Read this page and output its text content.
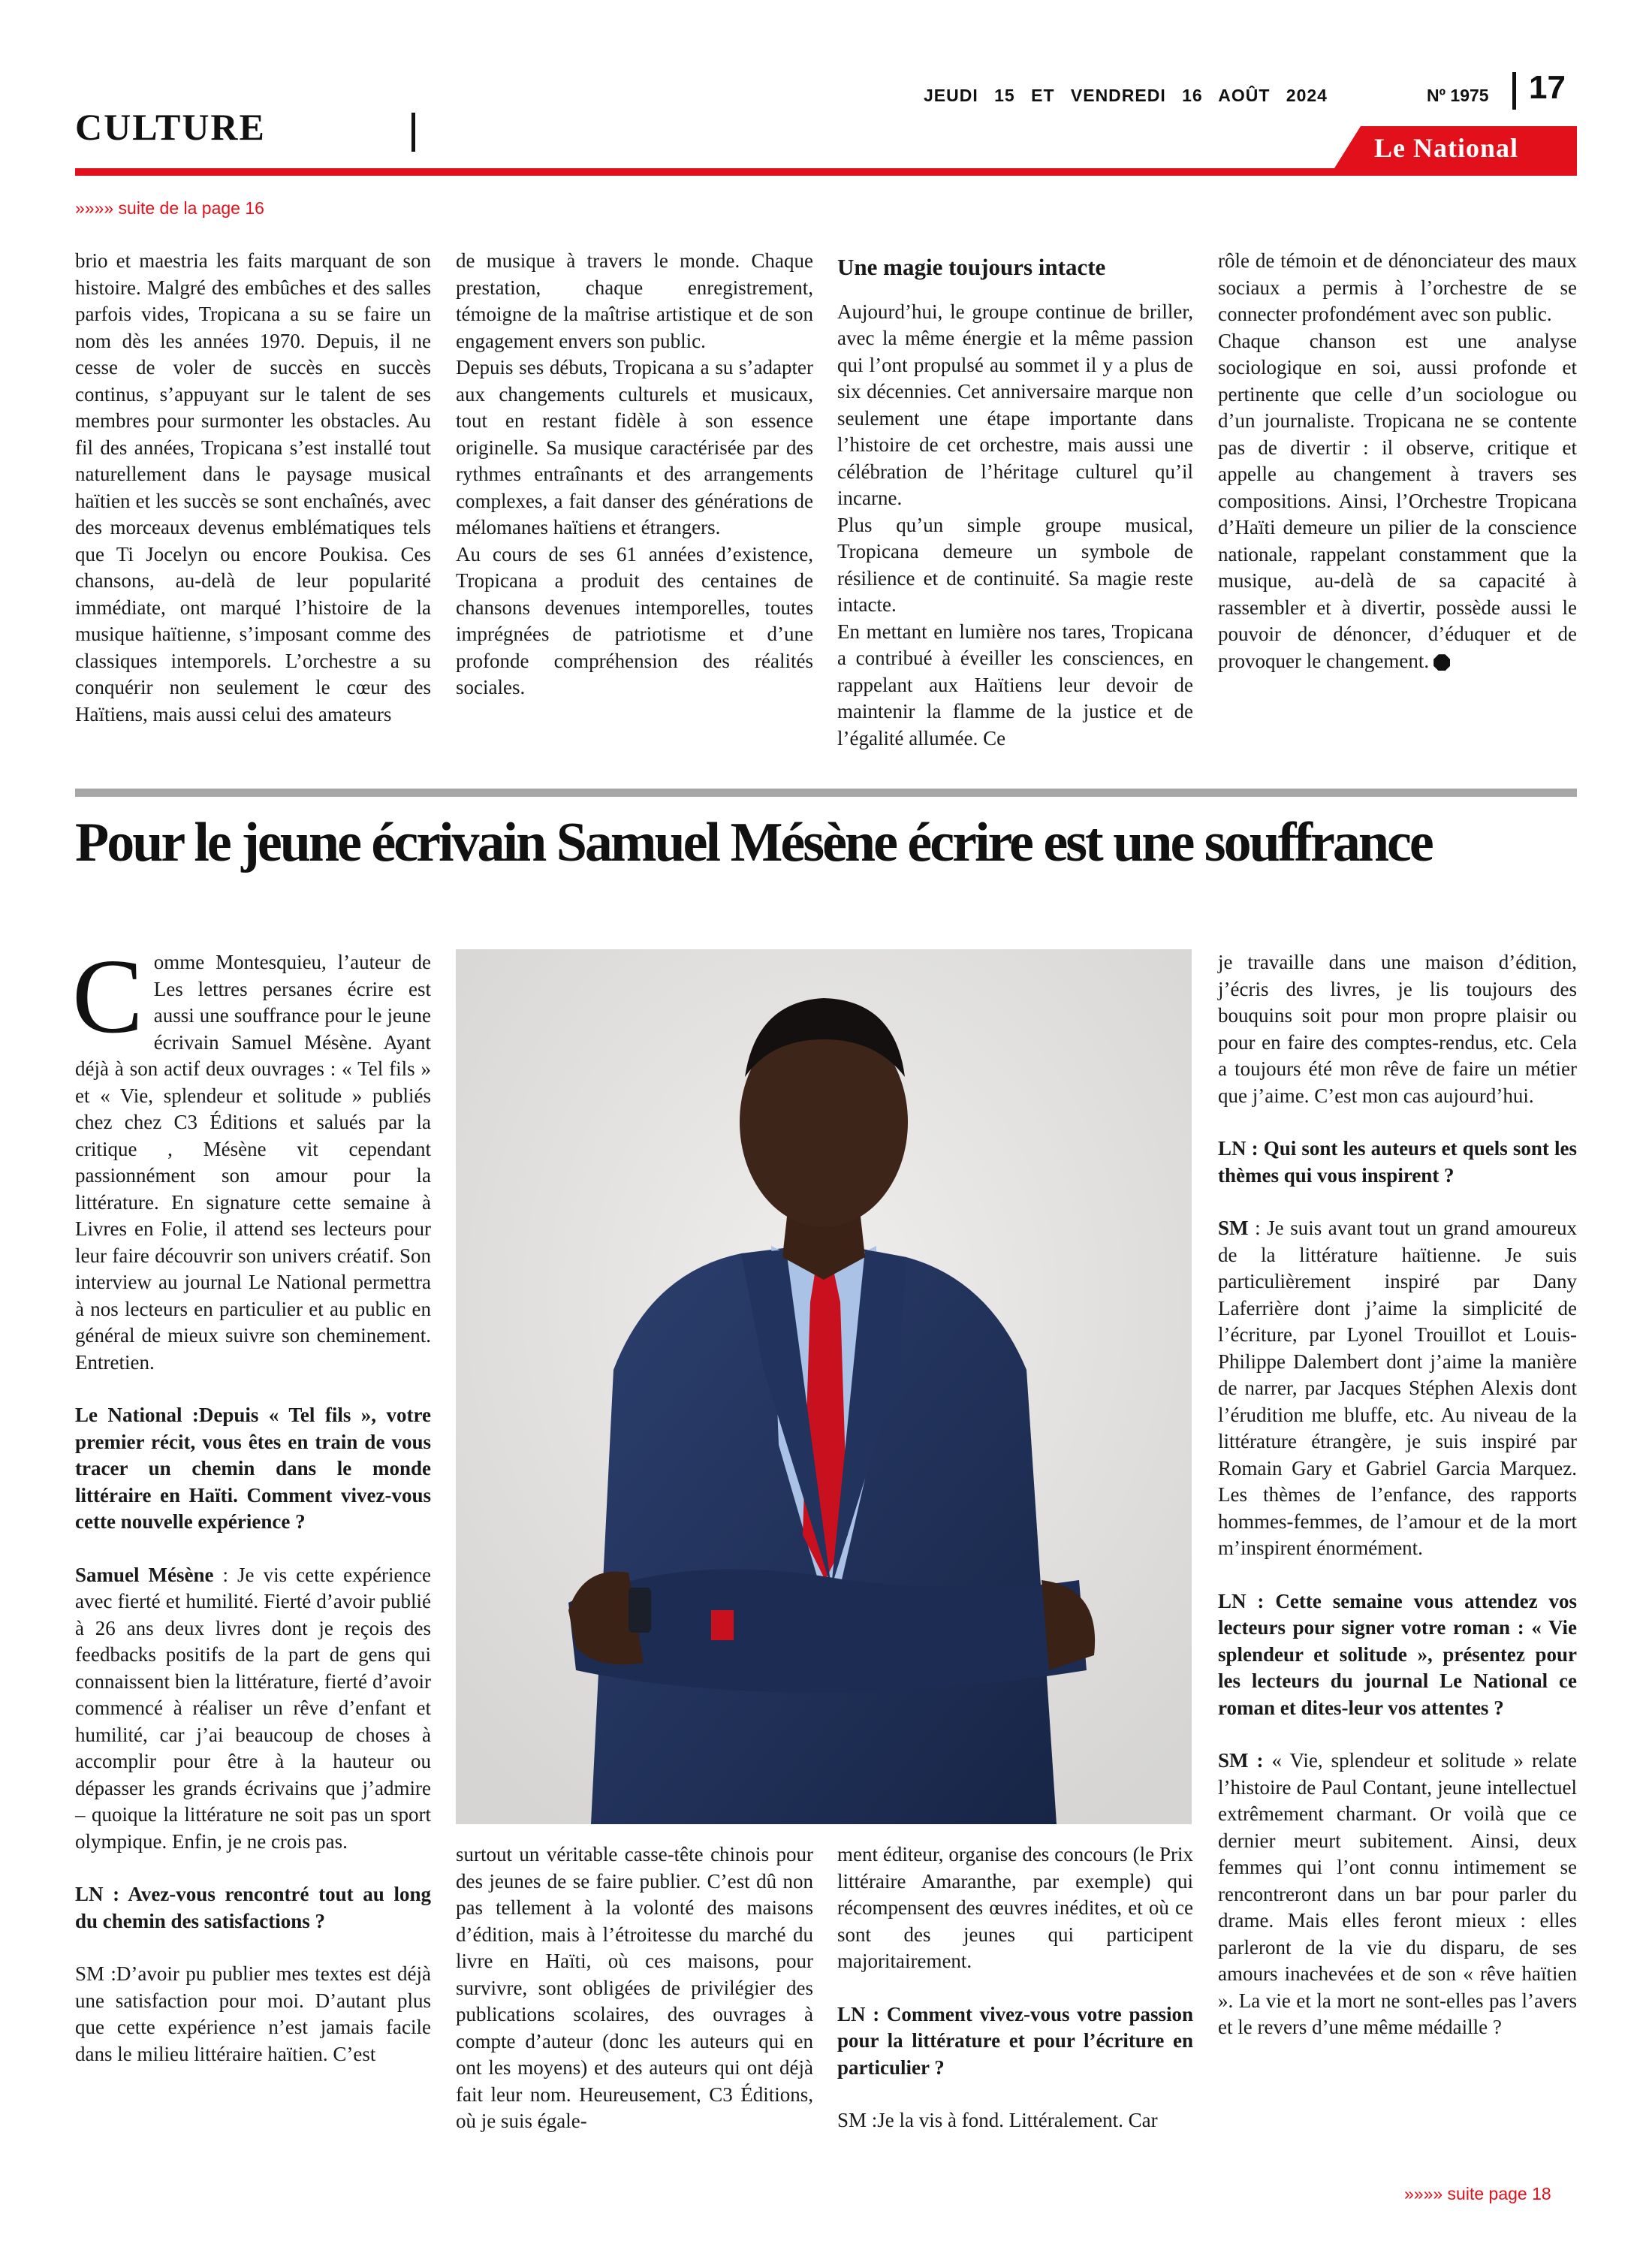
CULTURE
JEUDI 15 ET VENDREDI 16 AOÛT 2024	Nº 1975 17
Le National
»»»» suite de la page 16

brio et maestria les faits marquant de son histoire. Malgré des embûches et des salles parfois vides, Tropicana a su se faire un nom dès les années 1970. Depuis, il ne cesse de voler de succès en succès continus, s’appuyant sur le talent de ses membres pour surmonter les obstacles. Au fil des années, Tropicana s’est installé tout naturellement dans le paysage musical haïtien et les succès se sont enchaînés, avec des morceaux devenus emblématiques tels que Ti Jocelyn ou encore Poukisa. Ces chansons, au-delà de leur popularité immédiate, ont marqué l’histoire de la musique haïtienne, s’imposant comme des classiques intemporels. L’orchestre a su conquérir non seulement le cœur des Haïtiens, mais aussi celui des amateurs

de musique à travers le monde. Chaque prestation, chaque enregistrement, témoigne de la maîtrise artistique et de son engagement envers son public.

Depuis ses débuts, Tropicana a su s’adapter aux changements culturels et musicaux, tout en restant fidèle à son essence originelle. Sa musique caractérisée par des rythmes entraînants et des arrangements complexes, a fait danser des générations de mélomanes haïtiens et étrangers.

Au cours de ses 61 années d’existence, Tropicana a produit des centaines de chansons devenues intemporelles, toutes imprégnées de patriotisme et d’une profonde compréhension des réalités sociales.

Une magie toujours intacte

Aujourd’hui, le groupe continue de briller, avec la même énergie et la même passion qui l’ont propulsé au sommet il y a plus de six décennies. Cet anniversaire marque non seulement une étape importante dans l’histoire de cet orchestre, mais aussi une célébration de l’héritage culturel qu’il incarne.

Plus qu’un simple groupe musical, Tropicana demeure un symbole de résilience et de continuité. Sa magie reste intacte.

En mettant en lumière nos tares, Tropicana a contribué à éveiller les consciences, en rappelant aux Haïtiens leur devoir de maintenir la flamme de la justice et de l’égalité allumée. Ce

rôle de témoin et de dénonciateur des maux sociaux a permis à l’orchestre de se connecter profondément avec son public.

Chaque chanson est une analyse sociologique en soi, aussi profonde et pertinente que celle d’un sociologue ou d’un journaliste. Tropicana ne se contente pas de divertir : il observe, critique et appelle au changement à travers ses compositions. Ainsi, l’Orchestre Tropicana d’Haïti demeure un pilier de la conscience nationale, rappelant constamment que la musique, au-delà de sa capacité à rassembler et à divertir, possède aussi le pouvoir de dénoncer, d’éduquer et de provoquer le changement.

Pour le jeune écrivain Samuel Mésène écrire est une souffrance

Comme Montesquieu, l’auteur de Les lettres persanes écrire est aussi une souffrance pour le jeune écrivain Samuel Mésène. Ayant déjà à son actif deux ouvrages : « Tel fils » et « Vie, splendeur et solitude » publiés chez chez C3 Éditions et salués par la critique , Mésène vit cependant passionnément son amour pour la littérature. En signature cette semaine à Livres en Folie, il attend ses lecteurs pour leur faire découvrir son univers créatif. Son interview au journal Le National permettra à nos lecteurs en particulier et au public en général de mieux suivre son cheminement. Entretien.

Le National :Depuis « Tel fils », votre premier récit, vous êtes en train de vous tracer un chemin dans le monde littéraire en Haïti. Comment vivez-vous cette nouvelle expérience ?

Samuel Mésène : Je vis cette expérience avec fierté et humilité. Fierté d’avoir publié à 26 ans deux livres dont je reçois des feedbacks positifs de la part de gens qui connaissent bien la littérature, fierté d’avoir commencé à réaliser un rêve d’enfant et humilité, car j’ai beaucoup de choses à accomplir pour être à la hauteur ou dépasser les grands écrivains que j’admire – quoique la littérature ne soit pas un sport olympique. Enfin, je ne crois pas.

LN : Avez-vous rencontré tout au long du chemin des satisfactions ?

SM :D’avoir pu publier mes textes est déjà une satisfaction pour moi. D’autant plus que cette expérience n’est jamais facile dans le milieu littéraire haïtien. C’est

surtout un véritable casse-tête chinois pour des jeunes de se faire publier. C’est dû non pas tellement à la volonté des maisons d’édition, mais à l’étroitesse du marché du livre en Haïti, où ces maisons, pour survivre, sont obligées de privilégier des publications scolaires, des ouvrages à compte d’auteur (donc les auteurs qui en ont les moyens) et des auteurs qui ont déjà fait leur nom. Heureusement, C3 Éditions, où je suis égale-

ment éditeur, organise des concours (le Prix littéraire Amaranthe, par exemple) qui récompensent des œuvres inédites, et où ce sont des jeunes qui participent majoritairement.

LN : Comment vivez-vous votre passion pour la littérature et pour l’écriture en particulier ?

SM :Je la vis à fond. Littéralement. Car

je travaille dans une maison d’édition, j’écris des livres, je lis toujours des bouquins soit pour mon propre plaisir ou pour en faire des comptes-rendus, etc. Cela a toujours été mon rêve de faire un métier que j’aime. C’est mon cas aujourd’hui.

LN : Qui sont les auteurs et quels sont les thèmes qui vous inspirent ?

SM : Je suis avant tout un grand amoureux de la littérature haïtienne. Je suis particulièrement inspiré par Dany Laferrière dont j’aime la simplicité de l’écriture, par Lyonel Trouillot et Louis-Philippe Dalembert dont j’aime la manière de narrer, par Jacques Stéphen Alexis dont l’érudition me bluffe, etc. Au niveau de la littérature étrangère, je suis inspiré par Romain Gary et Gabriel Garcia Marquez. Les thèmes de l’enfance, des rapports hommes-femmes, de l’amour et de la mort m’inspirent énormément.

LN : Cette semaine vous attendez vos lecteurs pour signer votre roman : « Vie splendeur et solitude », présentez pour les lecteurs du journal Le National ce roman et dites-leur vos attentes ?

SM : « Vie, splendeur et solitude » relate l’histoire de Paul Contant, jeune intellectuel extrêmement charmant. Or voilà que ce dernier meurt subitement. Ainsi, deux femmes qui l’ont connu intimement se rencontreront dans un bar pour parler du drame. Mais elles feront mieux : elles parleront de la vie du disparu, de ses amours inachevées et de son « rêve haïtien ». La vie et la mort ne sont-elles pas l’avers et le revers d’une même médaille ?

»»»» suite page 18
